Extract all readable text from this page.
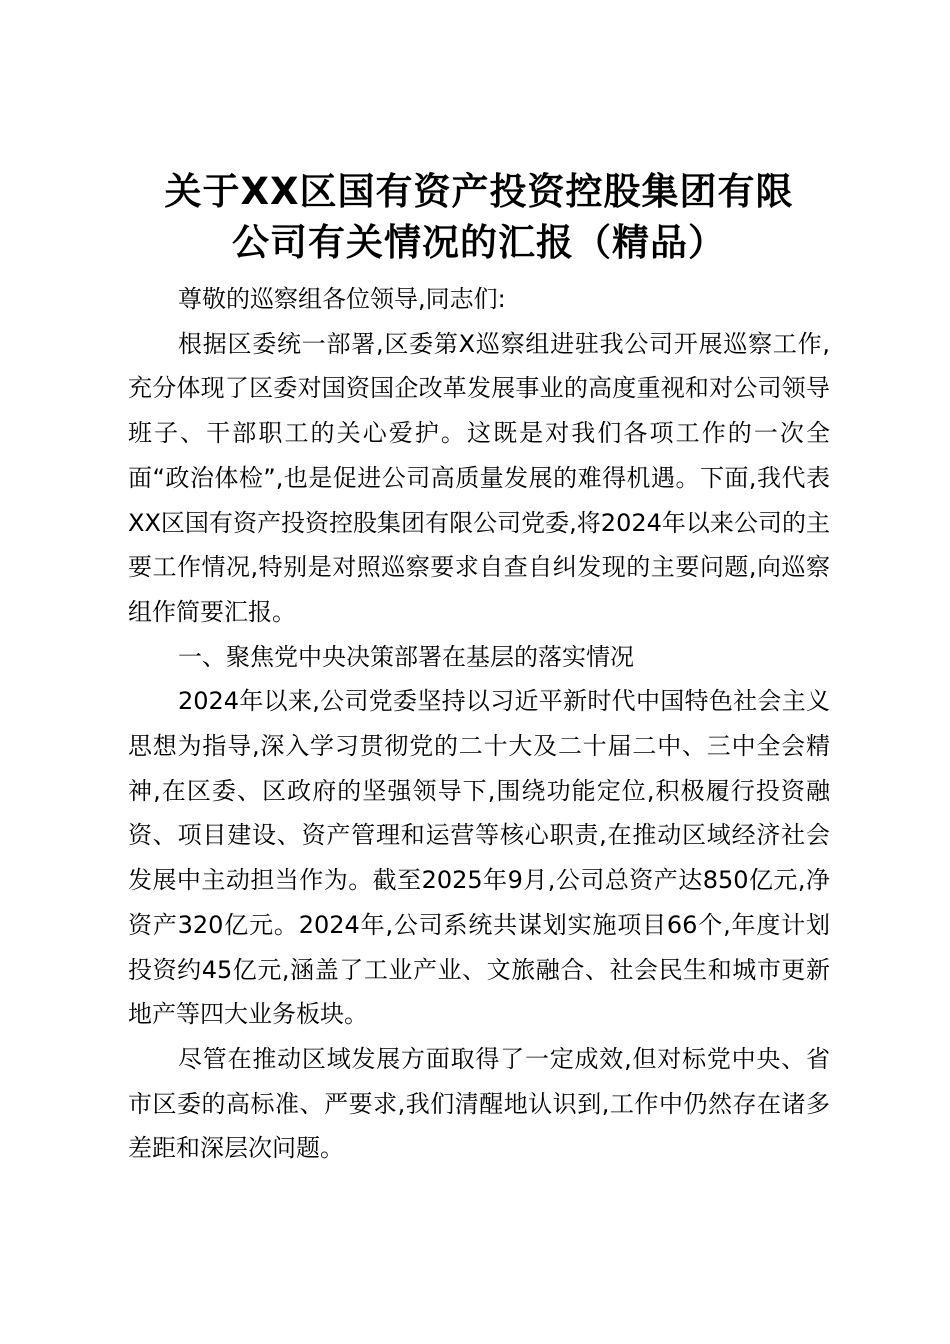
关于XX区国有资产投资控股集团有限
公司有关情况的汇报（精品）

尊敬的巡察组各位领导,同志们:

根据区委统一部署,区委第X巡察组进驻我公司开展巡察工作,充分体现了区委对国资国企改革发展事业的高度重视和对公司领导班子、干部职工的关心爱护。这既是对我们各项工作的一次全面“政治体检”,也是促进公司高质量发展的难得机遇。下面,我代表XX区国有资产投资控股集团有限公司党委,将2024年以来公司的主要工作情况,特别是对照巡察要求自查自纠发现的主要问题,向巡察组作简要汇报。

一、聚焦党中央决策部署在基层的落实情况

2024年以来,公司党委坚持以习近平新时代中国特色社会主义思想为指导,深入学习贯彻党的二十大及二十届二中、三中全会精神,在区委、区政府的坚强领导下,围绕功能定位,积极履行投资融资、项目建设、资产管理和运营等核心职责,在推动区域经济社会发展中主动担当作为。截至2025年9月,公司总资产达850亿元,净资产320亿元。2024年,公司系统共谋划实施项目66个,年度计划投资约45亿元,涵盖了工业产业、文旅融合、社会民生和城市更新地产等四大业务板块。

尽管在推动区域发展方面取得了一定成效,但对标党中央、省市区委的高标准、严要求,我们清醒地认识到,工作中仍然存在诸多差距和深层次问题。
